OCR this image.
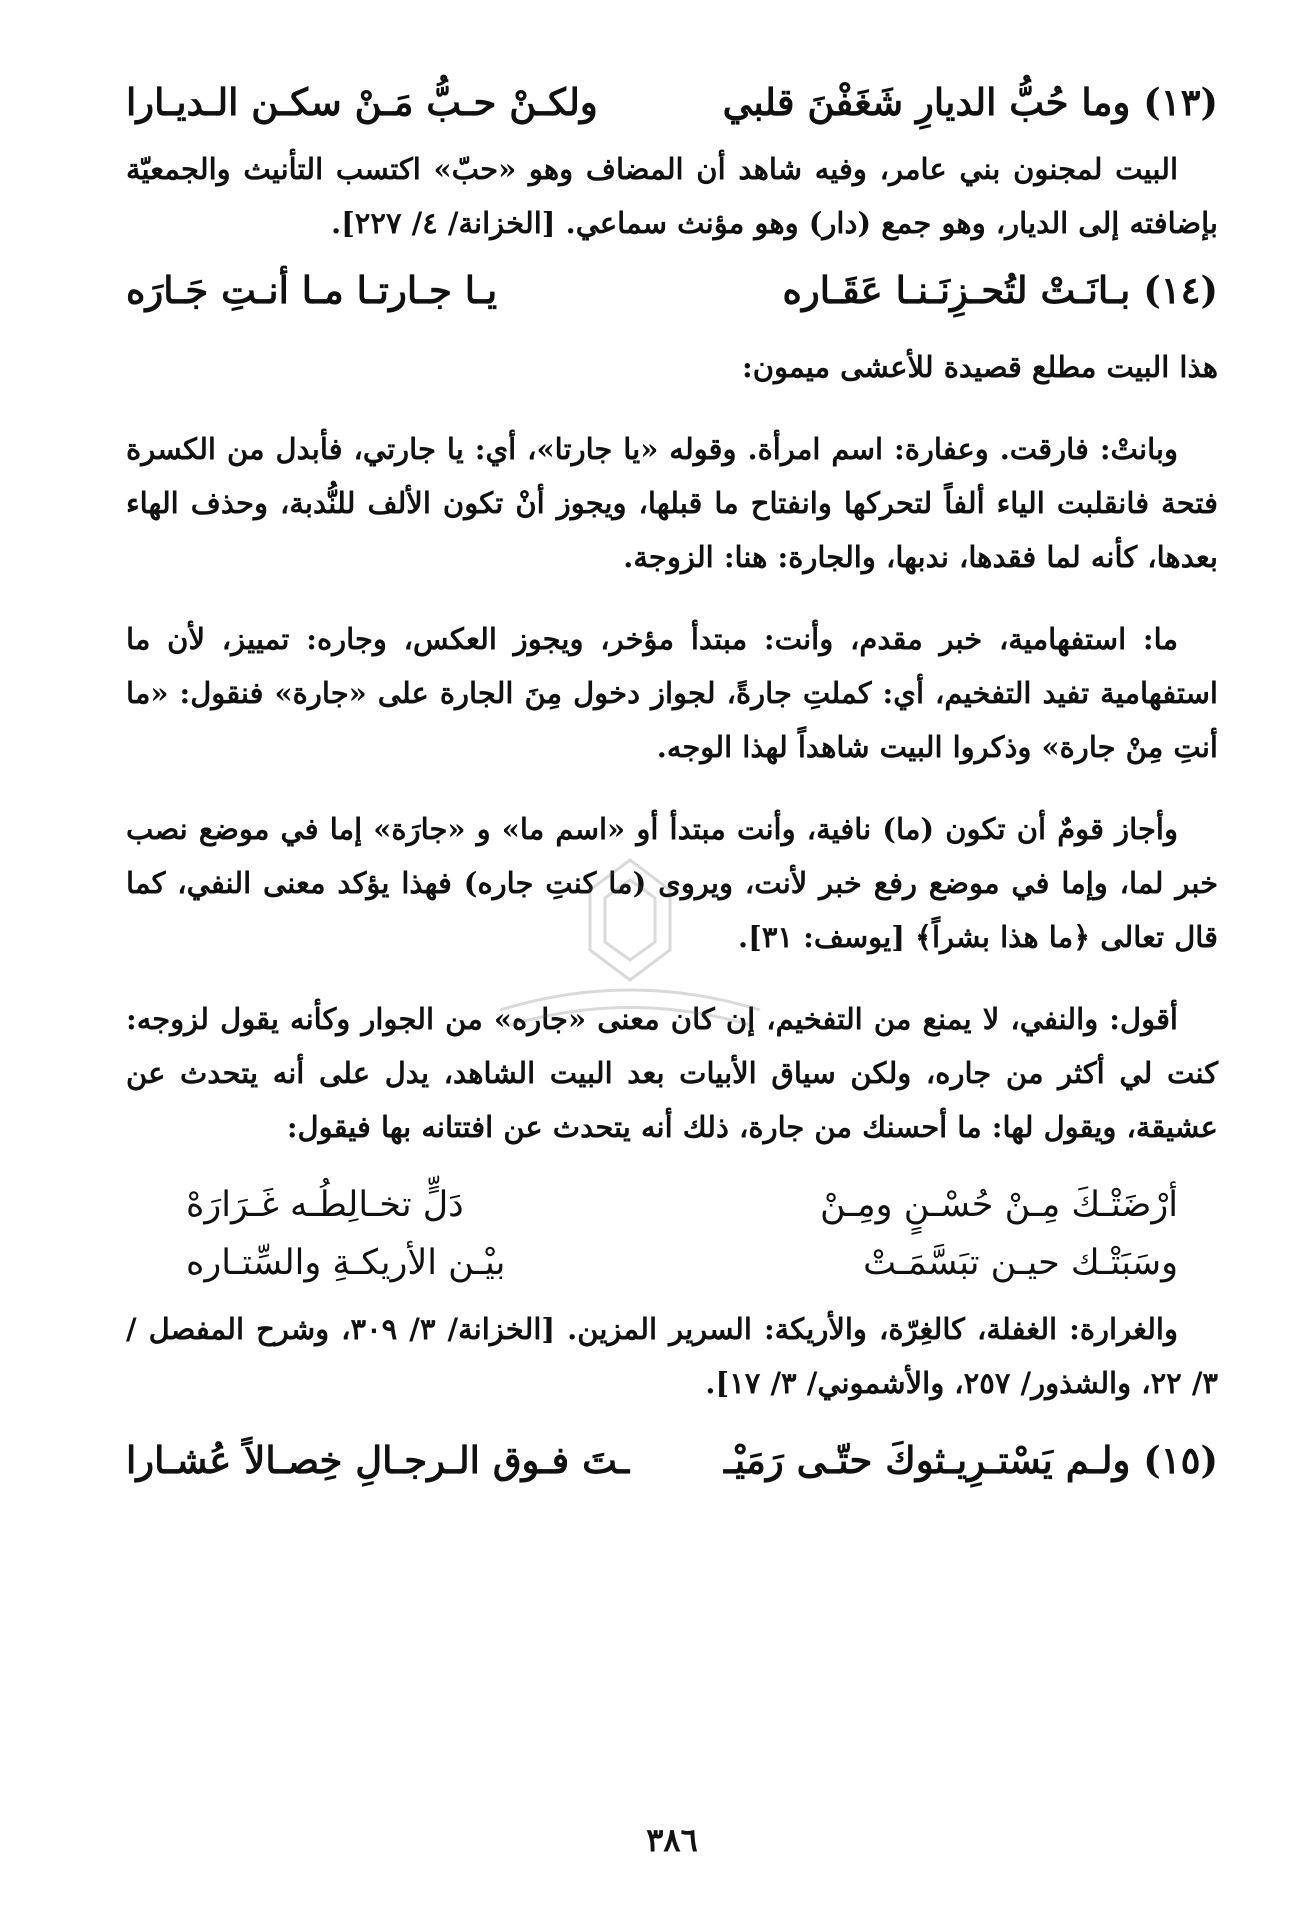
(١٣) وما حُبُّ الديارِ شَغَفْنَ قلبي
ولكـنْ حـبُّ مَـنْ سكـن الـديـارا

البيت لمجنون بني عامر، وفيه شاهد أن المضاف وهو «حبّ» اكتسب التأنيث والجمعيّة بإضافته إلى الديار، وهو جمع (دار) وهو مؤنث سماعي. [الخزانة/ ٤/ ٢٢٧].

(١٤) بـانَـتْ لتُحـزِنَـنـا عَقَـاره
يـا جـارتـا مـا أنـتِ جَـارَه

هذا البيت مطلع قصيدة للأعشى ميمون:

وبانتْ: فارقت. وعفارة: اسم امرأة. وقوله «يا جارتا»، أي: يا جارتي، فأبدل من الكسرة فتحة فانقلبت الياء ألفاً لتحركها وانفتاح ما قبلها، ويجوز أنْ تكون الألف للنُّدبة، وحذف الهاء بعدها، كأنه لما فقدها، ندبها، والجارة: هنا: الزوجة.

ما: استفهامية، خبر مقدم، وأنت: مبتدأ مؤخر، ويجوز العكس، وجاره: تمييز، لأن ما استفهامية تفيد التفخيم، أي: كملتِ جارةً، لجواز دخول مِنَ الجارة على «جارة» فنقول: «ما أنتِ مِنْ جارة» وذكروا البيت شاهداً لهذا الوجه.

وأجاز قومٌ أن تكون (ما) نافية، وأنت مبتدأ أو «اسم ما» و «جارَة» إما في موضع نصب خبر لما، وإما في موضع رفع خبر لأنت، ويروى (ما كنتِ جاره) فهذا يؤكد معنى النفي، كما قال تعالى ﴿ما هذا بشراً﴾ [يوسف: ٣١].

أقول: والنفي، لا يمنع من التفخيم، إن كان معنى «جاره» من الجوار وكأنه يقول لزوجه: كنت لي أكثر من جاره، ولكن سياق الأبيات بعد البيت الشاهد، يدل على أنه يتحدث عن عشيقة، ويقول لها: ما أحسنك من جارة، ذلك أنه يتحدث عن افتتانه بها فيقول:

أرْضَتْـكَ مِـنْ حُسْـنٍ ومِـنْ
دَلٍّ تخـالِطُـه غَـرَارَهْ
وسَبَتْـك حيـن تبَسَّمَـتْ
بيْـن الأريكـةِ والسِّتـاره

والغرارة: الغفلة، كالغِرّة، والأريكة: السرير المزين. [الخزانة/ ٣/ ٣٠٩، وشرح المفصل / ٣/ ٢٢، والشذور/ ٢٥٧، والأشموني/ ٣/ ١٧].

(١٥) ولـم يَسْتـرِيـثوكَ حتّـى رَمَيْـ
ـتَ فـوق الـرجـالِ خِصـالاً عُشـارا
٣٨٦
